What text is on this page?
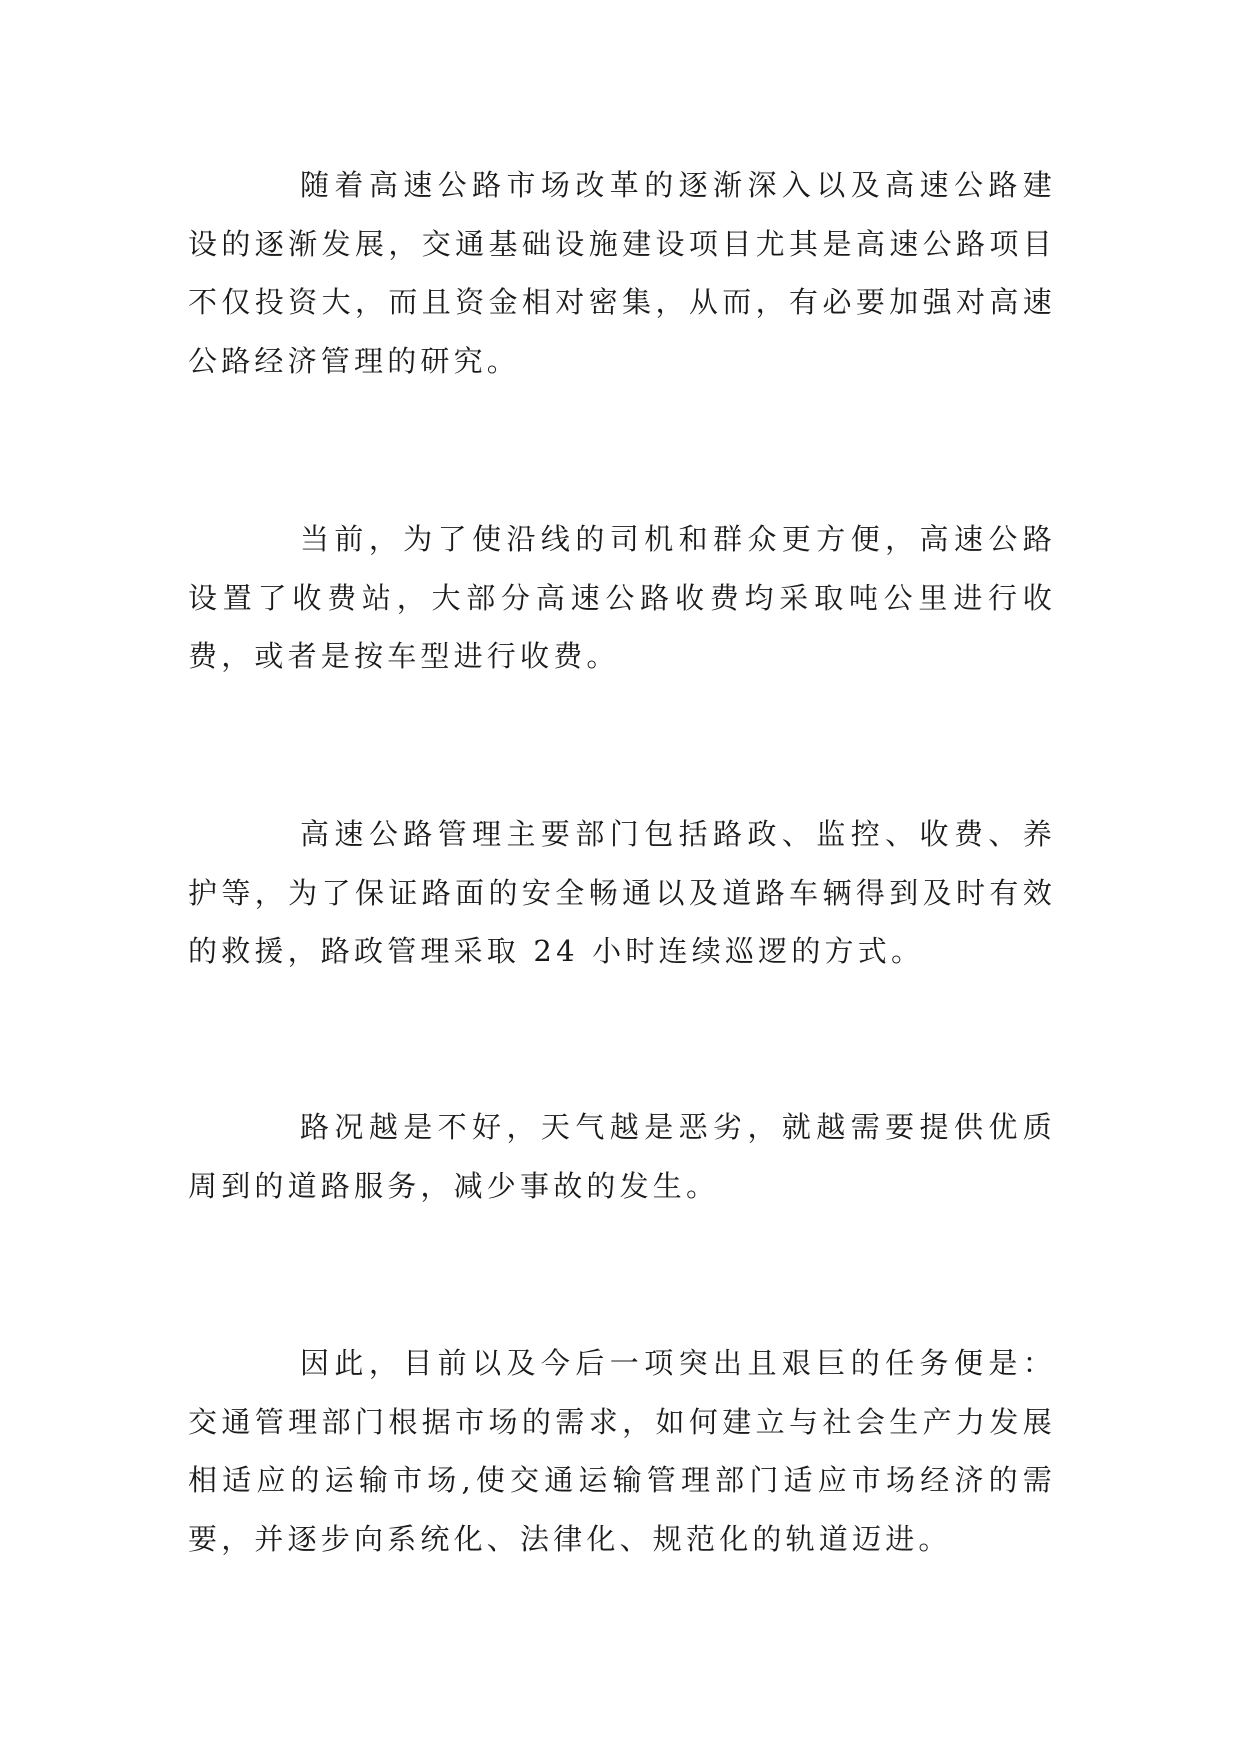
随着高速公路市场改革的逐渐深入以及高速公路建设的逐渐发展，交通基础设施建设项目尤其是高速公路项目不仅投资大，而且资金相对密集，从而，有必要加强对高速公路经济管理的研究。

当前，为了使沿线的司机和群众更方便，高速公路设置了收费站，大部分高速公路收费均采取吨公里进行收费，或者是按车型进行收费。

高速公路管理主要部门包括路政、监控、收费、养护等，为了保证路面的安全畅通以及道路车辆得到及时有效的救援，路政管理采取 24 小时连续巡逻的方式。

路况越是不好，天气越是恶劣，就越需要提供优质周到的道路服务，减少事故的发生。

因此，目前以及今后一项突出且艰巨的任务便是：交通管理部门根据市场的需求，如何建立与社会生产力发展相适应的运输市场,使交通运输管理部门适应市场经济的需要，并逐步向系统化、法律化、规范化的轨道迈进。
